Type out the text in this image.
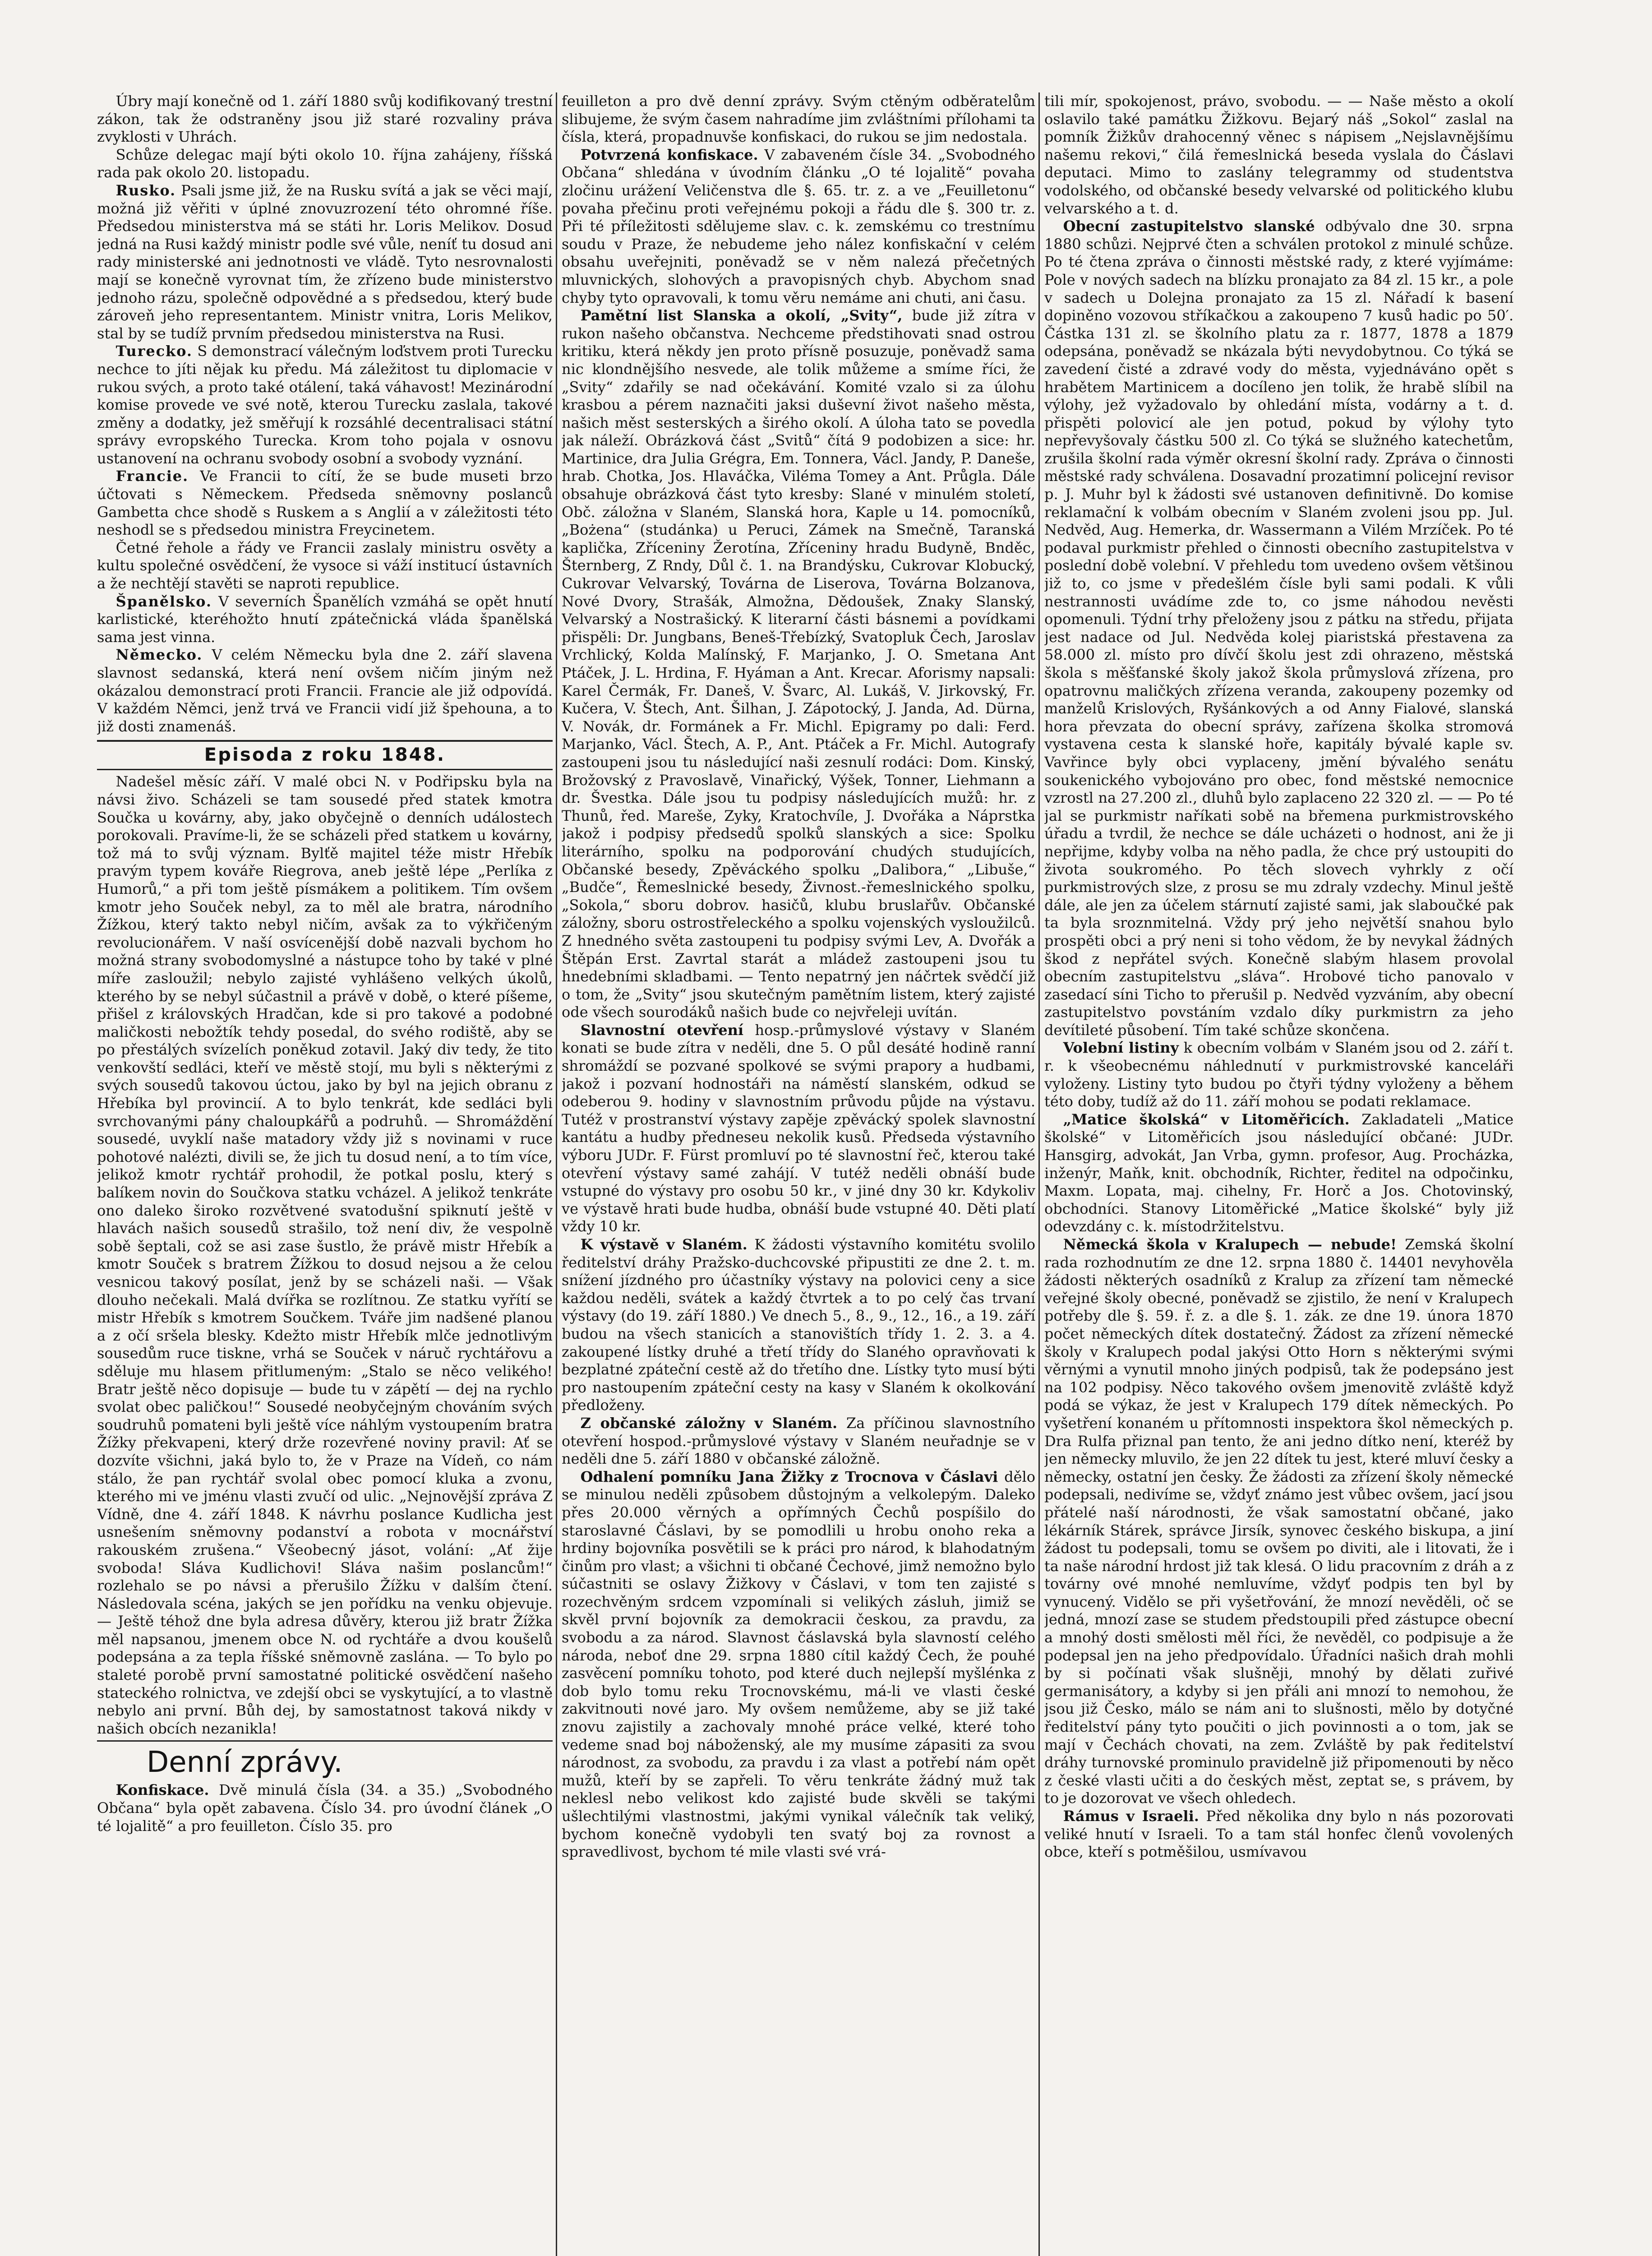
Úbry mají konečně od 1. září 1880 svůj kodifikovaný trestní zákon, tak že odstraněny jsou již staré rozvaliny práva zvyklosti v Uhrách.

Schůze delegac mají býti okolo 10. října zahájeny, říšská rada pak okolo 20. listopadu.

Rusko. Psali jsme již, že na Rusku svítá a jak se věci mají, možná již věřiti v úplné znovuzrození této ohromné říše. Předsedou ministerstva má se státi hr. Loris Melikov. Dosud jedná na Rusi každý ministr podle své vůle, neníť tu dosud ani rady ministerské ani jednotnosti ve vládě. Tyto nesrovnalosti mají se konečně vyrovnat tím, že zřízeno bude ministerstvo jednoho rázu, společně odpovědné a s předsedou, který bude zároveň jeho representantem. Ministr vnitra, Loris Melikov, stal by se tudíž prvním předsedou ministerstva na Rusi.

Turecko. S demonstrací válečným loďstvem proti Turecku nechce to jíti nějak ku předu. Má záležitost tu diplomacie v rukou svých, a proto také otálení, taká váhavost! Mezinárodní komise provede ve své notě, kterou Turecku zaslala, takové změny a dodatky, jež směřují k rozsáhlé decentralisaci státní správy evropského Turecka. Krom toho pojala v osnovu ustanovení na ochranu svobody osobní a svobody vyznání.

Francie. Ve Francii to cítí, že se bude museti brzo účtovati s Německem. Předseda sněmovny poslanců Gambetta chce shodě s Ruskem a s Anglií a v záležitosti této neshodl se s předsedou ministra Freycinetem.

Četné řeholе a řády ve Francii zaslaly ministru osvěty a kultu společné osvědčení, že vysoce si váží institucí ústavních a že nechtějí stavěti se naproti republice.

Španělsko. V severních Španělích vzmáhá se opět hnutí karlistické, kteréhožto hnutí zpátečnická vláda španělská sama jest vinna.

Německo. V celém Německu byla dne 2. září slavena slavnost sedanská, která není ovšem ničím jiným než okázalou demonstrací proti Francii. Francie ale již odpovídá. V každém Němci, jenž trvá ve Francii vidí již špehouna, a to již dosti znamenáš.

Episoda z roku 1848.

Nadešel měsíc září. V malé obci N. v Podřipsku byla na návsi živo. Scházeli se tam sousedé před statek kmotra Součka u kovárny, aby, jako obyčejně o denních událostech porokovali. Pravíme-li, že se scházeli před statkem u kovárny, tož má to svůj význam. Bylťě majitel téže mistr Hřebík pravým typem kováře Riegrova, aneb ještě lépe „Perlíka z Humorů,“ a při tom ještě písmákem a politikem. Tím ovšem kmotr jeho Souček nebyl, za to měl ale bratra, národního Žížkou, který takto nebyl ničím, avšak za to výkřičeným revolucionářem. V naší osvícenější době nazvali bychom ho možná strany svobodomyslné a nástupce toho by také v plné míře zasloužil; nebylo zajisté vyhlášeno velkých úkolů, kterého by se nebyl súčastnil a právě v době, o které píšeme, přišel z královských Hradčan, kde si pro takové a podobné maličkosti nebožtík tehdy posedal, do svého rodiště, aby se po přestálých svízelích poněkud zotavil. Jaký div tedy, že tito venkovští sedláci, kteří ve městě stojí, mu byli s některými z svých sousedů takovou úctou, jako by byl na jejich obranu z Hřebíka byl provincií. A to bylo tenkrát, kde sedláci byli svrchovanými pány chaloupkářů a podruhů. — Shromáždění sousedé, uvyklí naše matadory vždy již s novinami v ruce pohotové nalézti, divili se, že jich tu dosud není, a to tím více, jelikož kmotr rychtář prohodil, že potkal poslu, který s balíkem novin do Součkova statku vcházel. A jelikož tenkráte ono daleko široko rozvětvené svatodušní spiknutí ještě v hlavách našich sousedů strašilo, tož není div, že vespolně sobě šeptali, což se asi zase šustlo, že právě mistr Hřebík a kmotr Souček s bratrem Žížkou to dosud nejsou a že celou vesnicou takový posílat, jenž by se scházeli naši. — Však dlouho nečekali. Malá dvířka se rozlítnou. Ze statku vyřítí se mistr Hřebík s kmotrem Součkem. Tváře jim nadšené planou a z očí sršela blesky. Kdežto mistr Hřebík mlče jednotlivým sousedům ruce tiskne, vrhá se Souček v náruč rychtářovu a sděluje mu hlasem přitlumeným: „Stalo se něco velikého! Bratr ještě něco dopisuje — bude tu v zápětí — dej na rychlo svolat obec paličkou!“ Sousedé neobyčejným chováním svých soudruhů pomateni byli ještě více náhlým vystoupením bratra Žížky překvapeni, který drže rozevřené noviny pravil: Ať se dozvíte všichni, jaká bylo to, že v Praze na Vídeň, co nám stálo, že pan rychtář svolal obec pomocí kluka a zvonu, kterého mi ve jménu vlasti zvučí od ulic. „Nejnovější zpráva Z Vídně, dne 4. září 1848. K návrhu poslance Kudlicha jest usnešením sněmovny podanství a robota v mocnářství rakouském zrušena.“ Všeobecný jásot, volání: „Ať žije svoboda! Sláva Kudlichovi! Sláva našim poslancům!“ rozlehalo se po návsi a přerušilo Žížku v dalším čtení. Následovala scéna, jakých se jen pořídku na venku objevuje. — Ještě téhož dne byla adresa důvěry, kterou již bratr Žížka měl napsanou, jmenem obce N. od rychtáře a dvou koušelů podepsána a za tepla říšské sněmovně zaslána. — To bylo po staleté porobě první samostatné politické osvědčení našeho stateckého rolnictva, ve zdejší obci se vyskytující, a to vlastně nebylo ani první. Bůh dej, by samostatnost taková nikdy v našich obcích nezanikla!

Denní zprávy.

Konfiskace. Dvě minulá čísla (34. a 35.) „Svobodného Občana“ byla opět zabavena. Číslo 34. pro úvodní článek „O té lojalitě“ a pro feuilleton. Číslo 35. pro

feuilleton a pro dvě denní zprávy. Svým ctěným odběratelům slibujeme, že svým časem nahradíme jim zvláštními přílohami ta čísla, která, propadnuvše konfiskaci, do rukou se jim nedostala.

Potvrzená konfiskace. V zabaveném čísle 34. „Svobodného Občana“ shledána v úvodním článku „O té lojalitě“ povaha zločinu urážení Veličenstva dle §. 65. tr. z. a ve „Feuilletonu“ povaha přečinu proti veřejnému pokoji a řádu dle §. 300 tr. z. Při té příležitosti sdělujeme slav. c. k. zemskému co trestnímu soudu v Praze, že nebudeme jeho nález konfiskační v celém obsahu uveřejniti, poněvadž se v něm nalezá přečetných mluvnických, slohových a pravopisných chyb. Abychom snad chyby tyto opravovali, k tomu věru nemáme ani chuti, ani času.

Pamětní list Slanska a okolí, „Svity“, bude již zítra v rukon našeho občanstva. Nechceme předstihovati snad ostrou kritiku, která někdy jen proto přísně posuzuje, poněvadž sama nic klondnějšího nesvede, ale tolik můžeme a smíme říci, že „Svity“ zdařily se nad očekávání. Komité vzalo si za úlohu krasbou a pérem naznačiti jaksi duševní život našeho města, našich měst sesterských a širého okolí. A úloha tato se povedla jak náleží. Obrázková část „Svitů“ čítá 9 podobizen a sice: hr. Martinice, dra Julia Grégra, Em. Tonnera, Václ. Jandy, P. Daneše, hrab. Chotka, Jos. Hlaváčka, Viléma Tomey a Ant. Průgla. Dále obsahuje obrázková část tyto kresby: Slané v minulém století, Obč. záložna v Slaném, Slanská hora, Kaple u 14. pomocníků, „Bożena“ (studánka) u Peruci, Zámek na Smečně, Taranská kaplička, Zříceniny Žerotína, Zříceniny hradu Budyně, Bnděc, Šternberg, Z Rndy, Důl č. 1. na Brandýsku, Cukrovar Klobucký, Cukrovar Velvarský, Továrna de Liserova, Továrna Bolzanova, Nové Dvory, Strašák, Almožna, Dědoušek, Znaky Slanský, Velvarský a Nostrašický. K literarní části básnemi a povídkami přispěli: Dr. Jungbans, Beneš-Třebízký, Svatopluk Čech, Jaroslav Vrchlický, Kolda Malínský, F. Marjanko, J. O. Smetana Ant Ptáček, J. L. Hrdina, F. Hyáman a Ant. Krecar. Aforismy napsali: Karel Čermák, Fr. Daneš, V. Švarc, Al. Lukáš, V. Jirkovský, Fr. Kučera, V. Štech, Ant. Šilhan, J. Zápotocký, J. Janda, Ad. Dürna, V. Novák, dr. Formánek a Fr. Michl. Epigramy po dali: Ferd. Marjanko, Václ. Štech, A. P., Ant. Ptáček a Fr. Michl. Autografy zastoupeni jsou tu následující naši zesnulí rodáci: Dom. Kinský, Brožovský z Pravoslavě, Vinařický, Výšek, Tonner, Liehmann a dr. Švestka. Dále jsou tu podpisy následujících mužů: hr. z Thunů, řed. Mareše, Zyky, Kratochvíle, J. Dvořáka a Náprstka jakož i podpisy předsedů spolků slanských a sice: Spolku literárního, spolku na podporování chudých studujících, Občanské besedy, Zpěváckého spolku „Dalibora,“ „Libuše,“ „Budče“, Řemeslnické besedy, Živnost.-řemeslnického spolku, „Sokola,“ sboru dobrov. hasičů, klubu bruslařův. Občanské záložny, sboru ostrostřeleckého a spolku vojenských vysloužilců. Z hnedného světa zastoupeni tu podpisy svými Lev, A. Dvořák a Štěpán Erst. Zavrtal starát a mládež zastoupeni jsou tu hnedebními skladbami. — Tento nepatrný jen náčrtek svědčí již o tom, že „Svity“ jsou skutečným pamětním listem, který zajisté ode všech sourodáků našich bude co nejvřeleji uvítán.

Slavnostní otevření hosp.-průmyslové výstavy v Slaném konati se bude zítra v neděli, dne 5. O půl desáté hodině ranní shromáždí se pozvané spolkové se svými prapory a hudbami, jakož i pozvaní hodnostáři na náměstí slanském, odkud se odeberou 9. hodiny v slavnostním průvodu půjde na výstavu. Tutéž v prostranství výstavy zapěje zpěvácký spolek slavnostní kantátu a hudby předneseu nekolik kusů. Předseda výstavního výboru JUDr. F. Fürst promluví po té slavnostní řeč, kterou také otevření výstavy samé zahájí. V tutéž neděli obnáší bude vstupné do výstavy pro osobu 50 kr., v jiné dny 30 kr. Kdykoliv ve výstavě hrati bude hudba, obnáší bude vstupné 40. Děti platí vždy 10 kr.

K výstavě v Slaném. K žádosti výstavního komitétu svolilo ředitelství dráhy Pražsko-duchcovské připustiti ze dne 2. t. m. snížení jízdného pro účastníky výstavy na polovici ceny a sice každou neděli, svátek a každý čtvrtek a to po celý čas trvaní výstavy (do 19. září 1880.) Ve dnech 5., 8., 9., 12., 16., a 19. září budou na všech stanicích a stanovištích třídy 1. 2. 3. a 4. zakoupené lístky druhé a třetí třídy do Slaného opravňovati k bezplatné zpáteční cestě až do třetího dne. Lístky tyto musí býti pro nastoupením zpáteční cesty na kasy v Slaném k okolkování předloženy.

Z občanské záložny v Slaném. Za příčinou slavnostního otevření hospod.-průmyslové výstavy v Slaném neuřadnje se v neděli dne 5. září 1880 v občanské záložně.

Odhalení pomníku Jana Žižky z Trocnova v Čáslavi dělo se minulou neděli způsobem důstojným a velkolepým. Daleko přes 20.000 věrných a opřímných Čechů pospíšilo do staroslavné Čáslavi, by se pomodlili u hrobu onoho reka a hrdiny bojovníka posvětili se k práci pro národ, k blahodatným činům pro vlast; a všichni ti občané Čechové, jimž nemožno bylo súčastniti se oslavy Žižkovy v Čáslavi, v tom ten zajisté s rozechvěným srdcem vzpomínali si velikých zásluh, jimiž se skvěl první bojovník za demokracii českou, za pravdu, za svobodu a za národ. Slavnost čáslavská byla slavností celého národa, neboť dne 29. srpna 1880 cítil každý Čech, že pouhé zasvěcení pomníku tohoto, pod které duch nejlepší myšlénka z dob bylo tomu reku Trocnovskému, má-li ve vlasti české zakvitnouti nové jaro. My ovšem nemůžeme, aby se již také znovu zajistily a zachovaly mnohé práce velké, které toho vedeme snad boj náboženský, ale my musíme zápasiti za svou národnost, za svobodu, za pravdu i za vlast a potřebí nám opět mužů, kteří by se zapřeli. To věru tenkráte žádný muž tak neklesl nebo velikost kdo zajisté bude skvěli se takými ušlechtilými vlastnostmi, jakými vynikal válečník tak veliký, bychom konečně vydobyli ten svatý boj za rovnost a spravedlivost, bychom té mile vlasti své vrá-

tili mír, spokojenost, právo, svobodu. — — Naše město a okolí oslavilo také památku Žižkovu. Bejarý náš „Sokol“ zaslal na pomník Žižkův drahocenný věnec s nápisem „Nejslavnějšímu našemu rekovi,“ čilá řemeslnická beseda vyslala do Čáslavi deputaci. Mimo to zaslány telegrammy od studentstva vodolského, od občanské besedy velvarské od politického klubu velvarského a t. d.

Obecní zastupitelstvo slanské odbývalo dne 30. srpna 1880 schůzi. Nejprvé čten a schválen protokol z minulé schůze. Po té čtena zpráva o činnosti městské rady, z které vyjímáme: Pole v nových sadech na blízku pronajato za 84 zl. 15 kr., a pole v sadech u Dolejna pronajato za 15 zl. Nářadí k basení dopiněno vozovou stříkačkou a zakoupeno 7 kusů hadic po 50′. Částka 131 zl. se školního platu za r. 1877, 1878 a 1879 odepsána, poněvadž se nkázala býti nevydobytnou. Co týká se zavedení čisté a zdravé vody do města, vyjednáváno opět s hrabětem Martinicem a docíleno jen tolik, že hrabě slíbil na výlohy, jež vyžadovalo by ohledání místa, vodárny a t. d. přispěti polovicí ale jen potud, pokud by výlohy tyto nepřevyšovaly částku 500 zl. Co týká se služného katechetům, zrušila školní rada výměr okresní školní rady. Zpráva o činnosti městské rady schválena. Dosavadní prozatimní policejní revisor p. J. Muhr byl k žádosti své ustanoven definitivně. Do komise reklamační k volbám obecním v Slaném zvoleni jsou pp. Jul. Nedvěd, Aug. Hemerka, dr. Wassermann a Vilém Mrzíček. Po té podaval purkmistr přehled o činnosti obecního zastupitelstva v poslední době volební. V přehledu tom uvedeno ovšem většinou již to, co jsme v předešlém čísle byli sami podali. K vůli nestrannosti uvádíme zde to, co jsme náhodou nevěsti opomenuli. Týdní trhy přeloženy jsou z pátku na středu, přijata jest nadace od Jul. Nedvěda kolej piaristská přestavena za 58.000 zl. místo pro dívčí školu jest zdi ohrazeno, městská škola s měšťanské školy jakož škola průmyslová zřízena, pro opatrovnu maličkých zřízena veranda, zakoupeny pozemky od manželů Krislových, Ryšánkových a od Anny Fialové, slanská hora převzata do obecní správy, zařízena školka stromová vystavena cesta k slanské hoře, kapitály bývalé kaple sv. Vavřince byly obci vyplaceny, jmění bývalého senátu soukenického vybojováno pro obec, fond městské nemocnice vzrostl na 27.200 zl., dluhů bylo zaplaceno 22 320 zl. — — Po té jal se purkmistr naříkati sobě na břemena purkmistrovského úřadu a tvrdil, že nechce se dále ucházeti o hodnost, ani že ji nepřijme, kdyby volba na něho padla, že chce prý ustoupiti do života soukromého. Po těch slovech vyhrkly z očí purkmistrových slze, z prosu se mu zdraly vzdechy. Minul ještě dále, ale jen za účelem stárnutí zajisté sami, jak slaboučké pak ta byla sroznmitelná. Vždy prý jeho největší snahou bylo prospěti obci a prý neni si toho vědom, že by nevykal žádných škod z nepřátel svých. Konečně slabým hlasem provolal obecním zastupitelstvu „sláva“. Hrobové ticho panovalo v zasedací síni Ticho to přerušil p. Nedvěd vyzváním, aby obecní zastupitelstvo povstáním vzdalo díky purkmistrn za jeho devítileté působení. Tím také schůze skončena.

Volební listiny k obecním volbám v Slaném jsou od 2. září t. r. k všeobecnému náhlednutí v purkmistrovské kanceláři vyloženy. Listiny tyto budou po čtyři týdny vyloženy a během této doby, tudíž až do 11. září mohou se podati reklamace.

„Matice školská“ v Litoměřicích. Zakladateli „Matice školské“ v Litoměřicích jsou následující občané: JUDr. Hansgirg, advokát, Jan Vrba, gymn. profesor, Aug. Procházka, inženýr, Maňk, knit. obchodník, Richter, ředitel na odpočinku, Maxm. Lopata, maj. cihelny, Fr. Horč a Jos. Chotovinský, obchodníci. Stanovy Litoměřické „Matice školské“ byly již odevzdány c. k. místodržitelstvu.

Německá škola v Kralupech — nebude! Zemská školní rada rozhodnutím ze dne 12. srpna 1880 č. 14401 nevyhověla žádosti některých osadníků z Kralup za zřízení tam německé veřejné školy obecné, poněvadž se zjistilo, že není v Kralupech potřeby dle §. 59. ř. z. a dle §. 1. zák. ze dne 19. února 1870 počet německých dítek dostatečný. Žádost za zřízení německé školy v Kralupech podal jakýsi Otto Horn s některými svými věrnými a vynutil mnoho jiných podpisů, tak že podepsáno jest na 102 podpisy. Něco takového ovšem jmenovitě zvláště když podá se výkaz, že jest v Kralupech 179 dítek německých. Po vyšetření konaném u přítomnosti inspektora škol německých p. Dra Rulfa přiznal pan tento, že ani jedno dítko není, kteréž by jen německy mluvilo, že jen 22 dítek tu jest, které mluví česky a německy, ostatní jen česky. Že žádosti za zřízení školy německé podepsali, nedivíme se, vždyť známo jest vůbec ovšem, jací jsou přátelé naší národnosti, že však samostatní občané, jako lékárník Stárek, správce Jirsík, synovec českého biskupa, a jiní žádost tu podepsali, tomu se ovšem po diviti, ale i litovati, že i ta naše národní hrdost již tak klesá. O lidu pracovním z dráh a z továrny ové mnohé nemluvíme, vždyť podpis ten byl by vynucený. Vidělo se při vyšetřování, že mnozí nevěděli, oč se jedná, mnozí zase se studem předstoupili před zástupce obecní a mnohý dosti smělosti měl říci, že nevěděl, co podpisuje a že podepsal jen na jeho předpovídalo. Úřadníci našich drah mohli by si počínati však slušněji, mnohý by dělati zuřivé germanisátory, a kdyby si jen přáli ani mnozí to nemohou, že jsou již Česko, málo se nám ani to slušnosti, mělo by dotyčné ředitelství pány tyto poučiti o jich povinnosti a o tom, jak se mají v Čechách chovati, na zem. Zvláště by pak ředitelství dráhy turnovské prominulo pravidelně již připomenouti by něco z české vlasti učiti a do českých měst, zeptat se, s právem, by to je dozorovat ve všech ohledech.

Rámus v Israeli. Před několika dny bylo n nás pozorovati veliké hnutí v Israeli. To a tam stál honfec členů vovolených obce, kteří s potměšilou, usmívavou
